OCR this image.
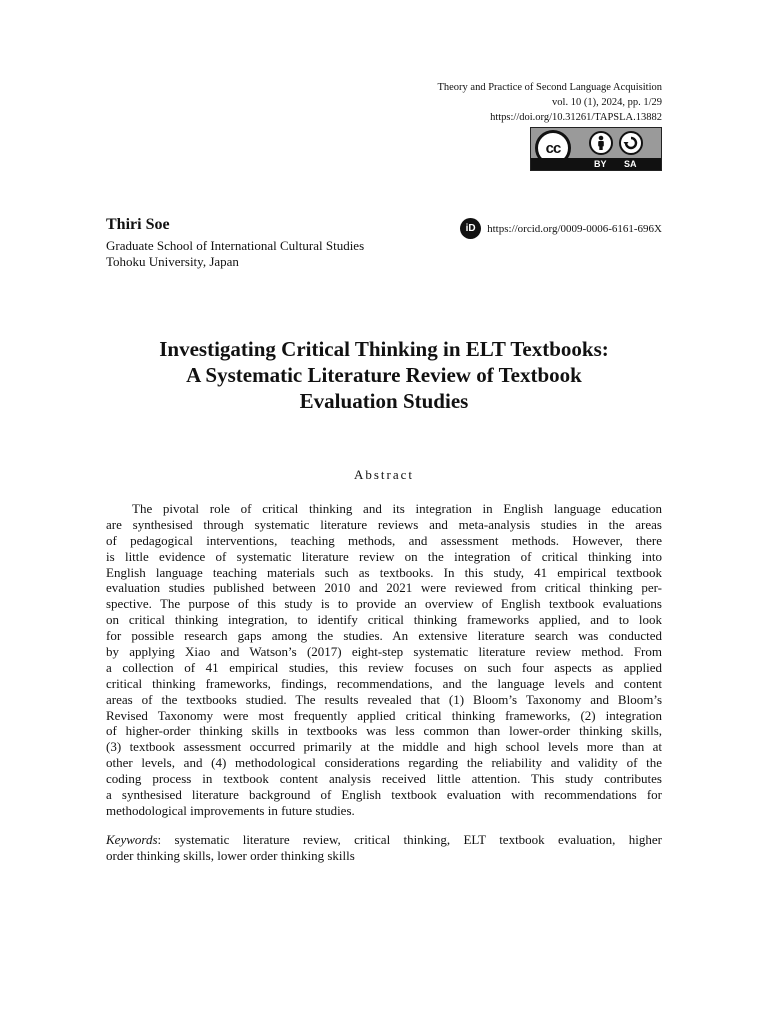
Theory and Practice of Second Language Acquisition
vol. 10 (1), 2024, pp. 1/29
https://doi.org/10.31261/TAPSLA.13882
cc
BY SA
Thiri Soe
Graduate School of International Cultural Studies
Tohoku University, Japan
iD	https://orcid.org/0009-0006-6161-696X
Investigating Critical Thinking in ELT Textbooks:
A Systematic Literature Review of Textbook
Evaluation Studies
Abstract
The pivotal role of critical thinking and its integration in English language education
are synthesised through systematic literature reviews and meta-analysis studies in the areas
of pedagogical interventions, teaching methods, and assessment methods. However, there
is little evidence of systematic literature review on the integration of critical thinking into
English language teaching materials such as textbooks. In this study, 41 empirical textbook
evaluation studies published between 2010 and 2021 were reviewed from critical thinking per-
spective. The purpose of this study is to provide an overview of English textbook evaluations
on critical thinking integration, to identify critical thinking frameworks applied, and to look
for possible research gaps among the studies. An extensive literature search was conducted
by applying Xiao and Watson’s (2017) eight-step systematic literature review method. From
a collection of 41 empirical studies, this review focuses on such four aspects as applied
critical thinking frameworks, findings, recommendations, and the language levels and content
areas of the textbooks studied. The results revealed that (1) Bloom’s Taxonomy and Bloom’s
Revised Taxonomy were most frequently applied critical thinking frameworks, (2) integration
of higher-order thinking skills in textbooks was less common than lower-order thinking skills,
(3) textbook assessment occurred primarily at the middle and high school levels more than at
other levels, and (4) methodological considerations regarding the reliability and validity of the
coding process in textbook content analysis received little attention. This study contributes
a synthesised literature background of English textbook evaluation with recommendations for
methodological improvements in future studies.
Keywords: systematic literature review, critical thinking, ELT textbook evaluation, higher
order thinking skills, lower order thinking skills
